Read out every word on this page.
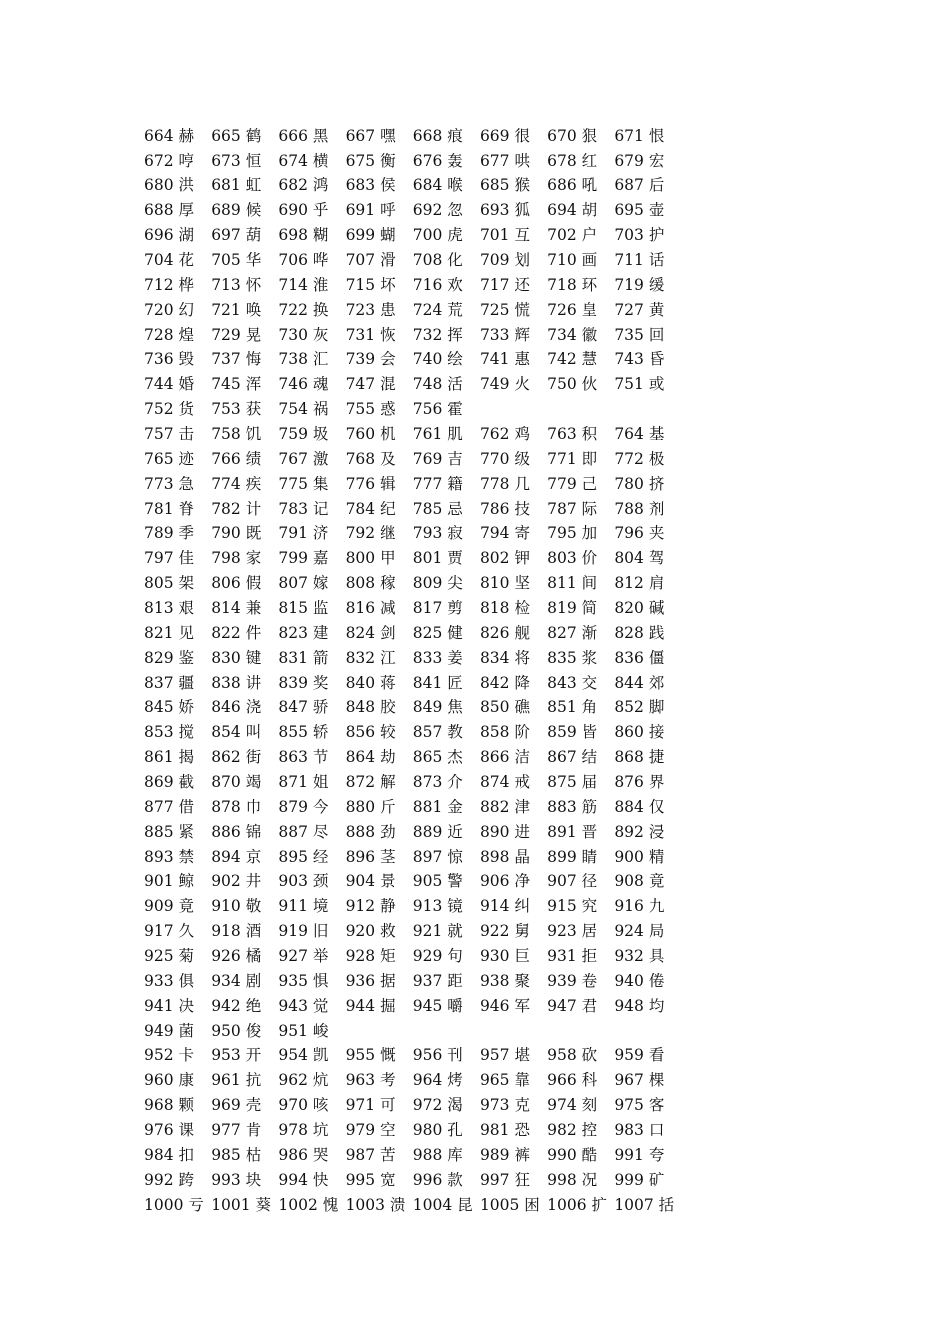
664 赫	665 鹤	666 黑	667 嘿	668 痕	669 很	670 狠	671 恨
672 哼	673 恒	674 横	675 衡	676 轰	677 哄	678 红	679 宏
680 洪	681 虹	682 鸿	683 侯	684 喉	685 猴	686 吼	687 后
688 厚	689 候	690 乎	691 呼	692 忽	693 狐	694 胡	695 壶
696 湖	697 葫	698 糊	699 蝴	700 虎	701 互	702 户	703 护
704 花	705 华	706 哗	707 滑	708 化	709 划	710 画	711 话
712 桦	713 怀	714 淮	715 坏	716 欢	717 还	718 环	719 缓
720 幻	721 唤	722 换	723 患	724 荒	725 慌	726 皇	727 黄
728 煌	729 晃	730 灰	731 恢	732 挥	733 辉	734 徽	735 回
736 毁	737 悔	738 汇	739 会	740 绘	741 惠	742 慧	743 昏
744 婚	745 浑	746 魂	747 混	748 活	749 火	750 伙	751 或
752 货	753 获	754 祸	755 惑	756 霍
757 击	758 饥	759 圾	760 机	761 肌	762 鸡	763 积	764 基
765 迹	766 绩	767 激	768 及	769 吉	770 级	771 即	772 极
773 急	774 疾	775 集	776 辑	777 籍	778 几	779 己	780 挤
781 脊	782 计	783 记	784 纪	785 忌	786 技	787 际	788 剂
789 季	790 既	791 济	792 继	793 寂	794 寄	795 加	796 夹
797 佳	798 家	799 嘉	800 甲	801 贾	802 钾	803 价	804 驾
805 架	806 假	807 嫁	808 稼	809 尖	810 坚	811 间	812 肩
813 艰	814 兼	815 监	816 减	817 剪	818 检	819 简	820 碱
821 见	822 件	823 建	824 剑	825 健	826 舰	827 渐	828 践
829 鉴	830 键	831 箭	832 江	833 姜	834 将	835 浆	836 僵
837 疆	838 讲	839 奖	840 蒋	841 匠	842 降	843 交	844 郊
845 娇	846 浇	847 骄	848 胶	849 焦	850 礁	851 角	852 脚
853 搅	854 叫	855 轿	856 较	857 教	858 阶	859 皆	860 接
861 揭	862 街	863 节	864 劫	865 杰	866 洁	867 结	868 捷
869 截	870 竭	871 姐	872 解	873 介	874 戒	875 届	876 界
877 借	878 巾	879 今	880 斤	881 金	882 津	883 筋	884 仅
885 紧	886 锦	887 尽	888 劲	889 近	890 进	891 晋	892 浸
893 禁	894 京	895 经	896 茎	897 惊	898 晶	899 睛	900 精
901 鲸	902 井	903 颈	904 景	905 警	906 净	907 径	908 竟
909 竟	910 敬	911 境	912 静	913 镜	914 纠	915 究	916 九
917 久	918 酒	919 旧	920 救	921 就	922 舅	923 居	924 局
925 菊	926 橘	927 举	928 矩	929 句	930 巨	931 拒	932 具
933 俱	934 剧	935 惧	936 据	937 距	938 聚	939 卷	940 倦
941 决	942 绝	943 觉	944 掘	945 嚼	946 军	947 君	948 均
949 菌	950 俊	951 峻
952 卡	953 开	954 凯	955 慨	956 刊	957 堪	958 砍	959 看
960 康	961 抗	962 炕	963 考	964 烤	965 靠	966 科	967 棵
968 颗	969 壳	970 咳	971 可	972 渴	973 克	974 刻	975 客
976 课	977 肯	978 坑	979 空	980 孔	981 恐	982 控	983 口
984 扣	985 枯	986 哭	987 苦	988 库	989 裤	990 酷	991 夸
992 跨	993 块	994 快	995 宽	996 款	997 狂	998 况	999 矿
1000 亏 1001 葵 1002 愧 1003 溃 1004 昆 1005 困 1006 扩 1007 括
